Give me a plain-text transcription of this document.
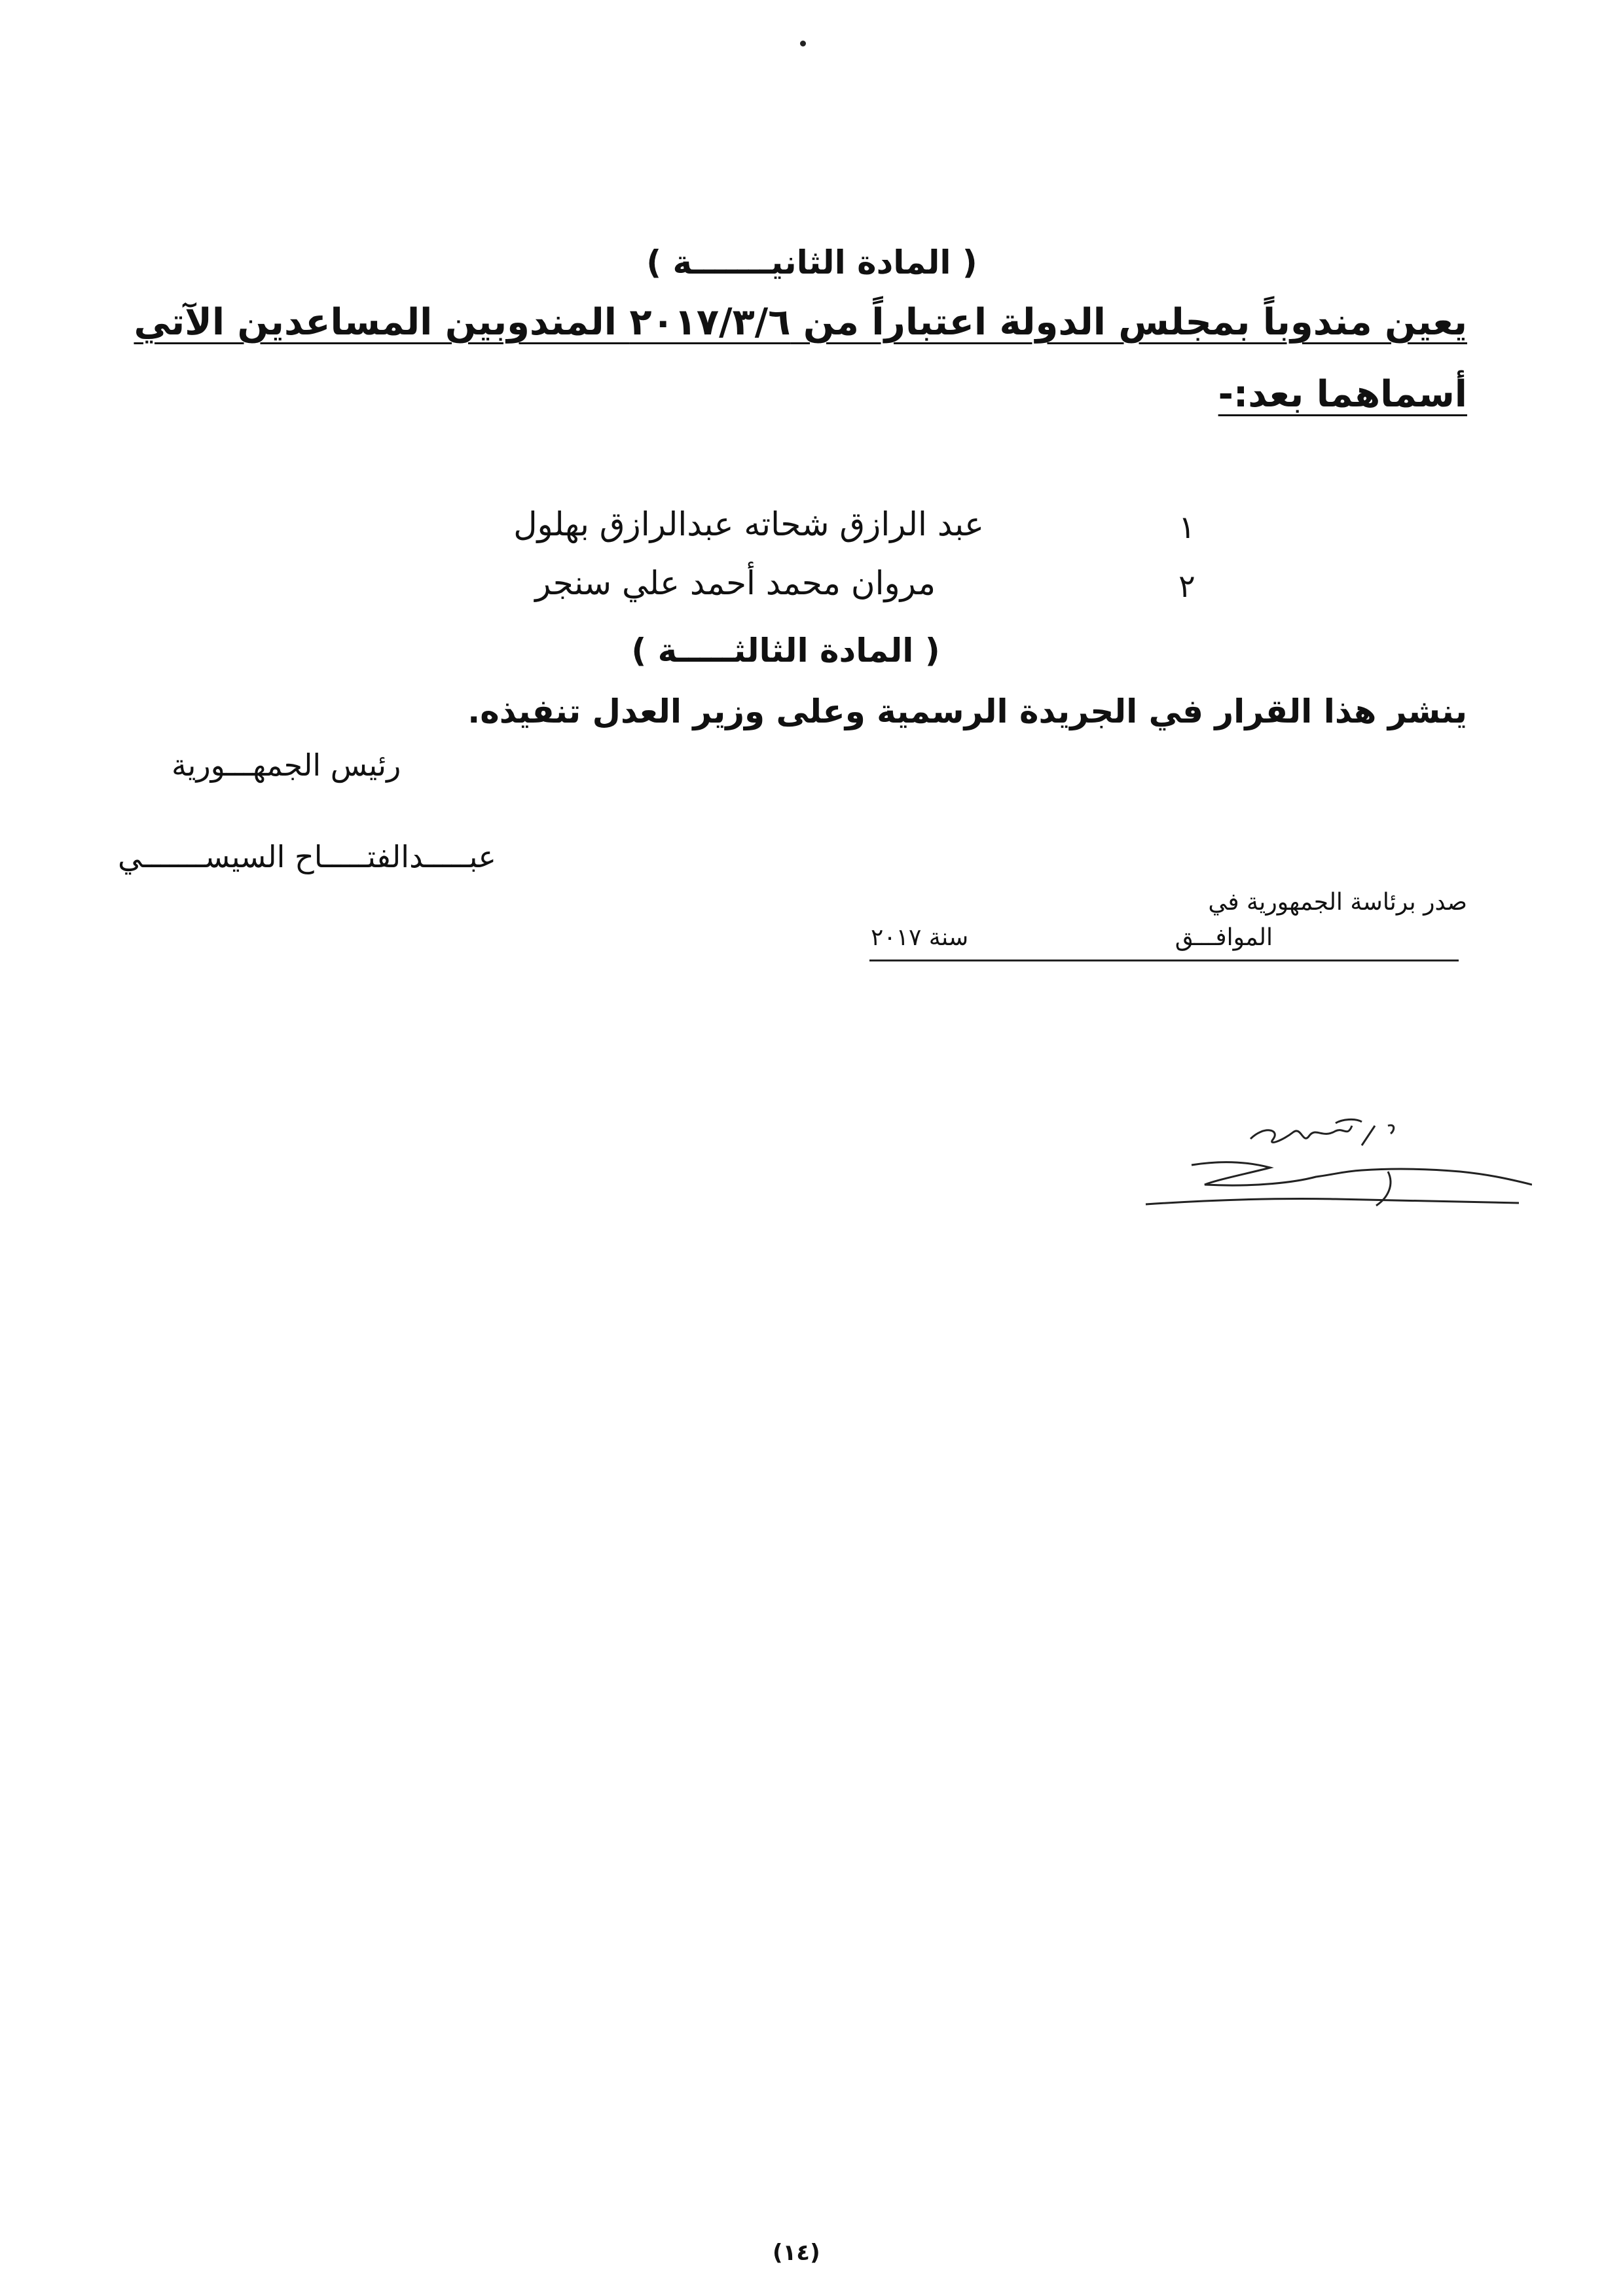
( المادة الثانيـــــــة )
يعين مندوباً بمجلس الدولة اعتباراً من ٢٠١٧/٣/٦ المندوبين المساعدين الآتي
أسماهما بعد:-
١
عبد الرازق شحاته عبدالرازق بهلول
٢
مروان محمد أحمد علي سنجر
( المادة الثالثـــــة )
ينشر هذا القرار في الجريدة الرسمية وعلى وزير العدل تنفيذه.
رئيس الجمهـــورية
عبـــــدالفتـــــاح السيســـــــي
صدر برئاسة الجمهورية في
الموافـــق
سنة ٢٠١٧
(١٤)
